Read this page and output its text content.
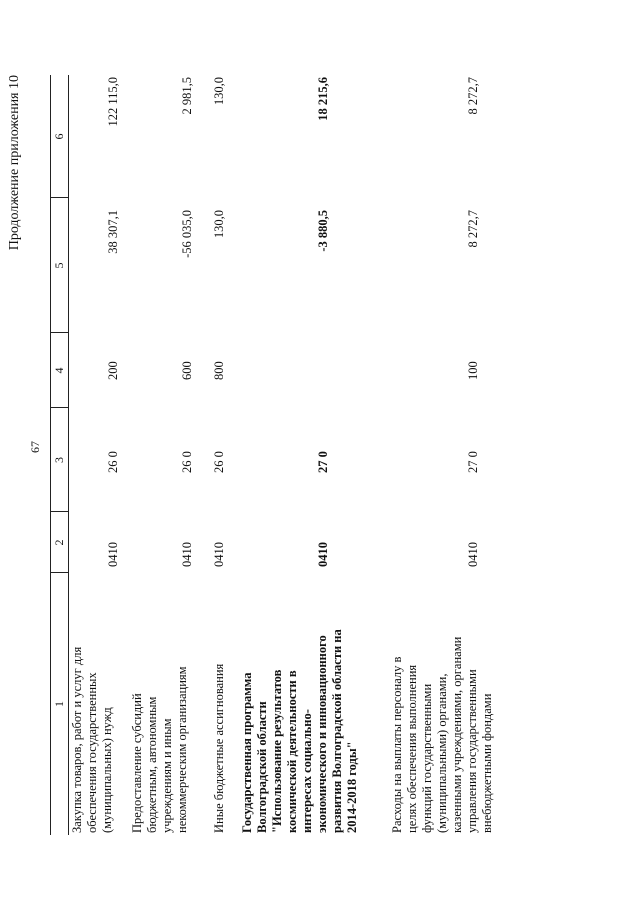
67
Продолжение приложения 10
1
2
3
4
5
6
Закупка товаров, работ и услуг для обеспечения государственных (муниципальных) нужд
0410
26 0
200
38 307,1
122 115,0
Предоставление субсидий бюджетным, автономным учреждениям и иным некоммерческим организациям
0410
26 0
600
-56 035,0
2 981,5
Иные бюджетные ассигнования
0410
26 0
800
130,0
130,0
Государственная программа Волгоградской области "Использование результатов космической деятельности в интересах социально- экономического и инновационного развития Волгоградской области на 2014-2018 годы"
0410
27 0
-3 880,5
18 215,6
Расходы на выплаты персоналу в целях обеспечения выполнения функций государственными (муниципальными) органами, казенными учреждениями, органами управления государственными внебюджетными фондами
0410
27 0
100
8 272,7
8 272,7
